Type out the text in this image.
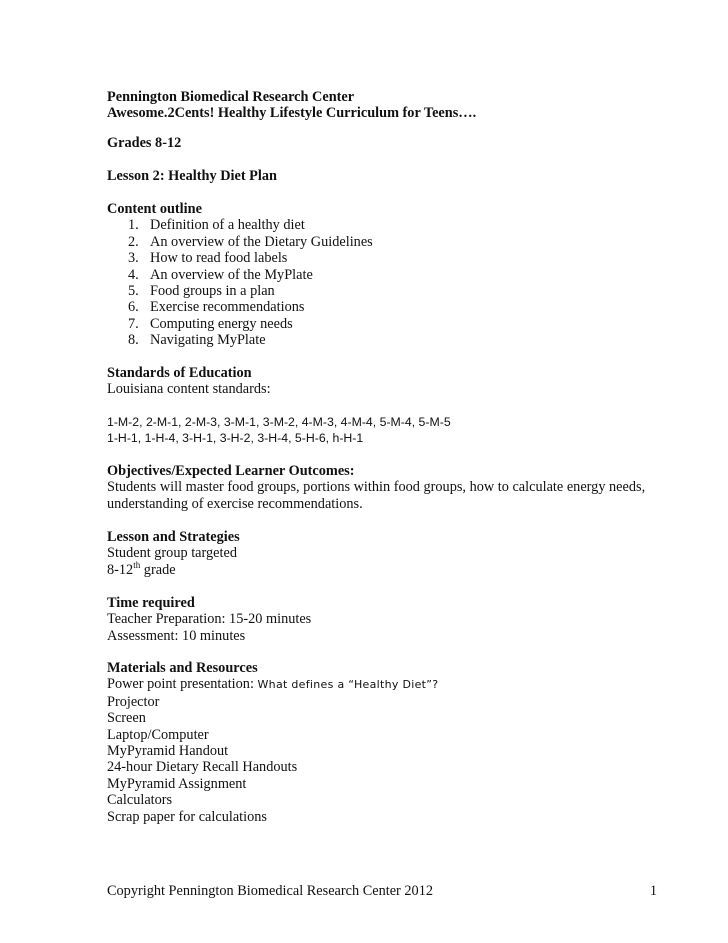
Pennington Biomedical Research Center
Awesome.2Cents! Healthy Lifestyle Curriculum for Teens….
Grades 8-12
Lesson 2: Healthy Diet Plan
Content outline
1. Definition of a healthy diet
2. An overview of the Dietary Guidelines
3. How to read food labels
4. An overview of the MyPlate
5. Food groups in a plan
6. Exercise recommendations
7. Computing energy needs
8. Navigating MyPlate
Standards of Education
Louisiana content standards:
1-M-2, 2-M-1, 2-M-3, 3-M-1, 3-M-2, 4-M-3, 4-M-4, 5-M-4, 5-M-5
1-H-1, 1-H-4, 3-H-1, 3-H-2, 3-H-4, 5-H-6, h-H-1
Objectives/Expected Learner Outcomes:
Students will master food groups, portions within food groups, how to calculate energy needs,
understanding of exercise recommendations.
Lesson and Strategies
Student group targeted
8-12th grade
Time required
Teacher Preparation: 15-20 minutes
Assessment: 10 minutes
Materials and Resources
Power point presentation: What defines a “Healthy Diet”?
Projector
Screen
Laptop/Computer
MyPyramid Handout
24-hour Dietary Recall Handouts
MyPyramid Assignment
Calculators
Scrap paper for calculations
Copyright Pennington Biomedical Research Center 2012	1
